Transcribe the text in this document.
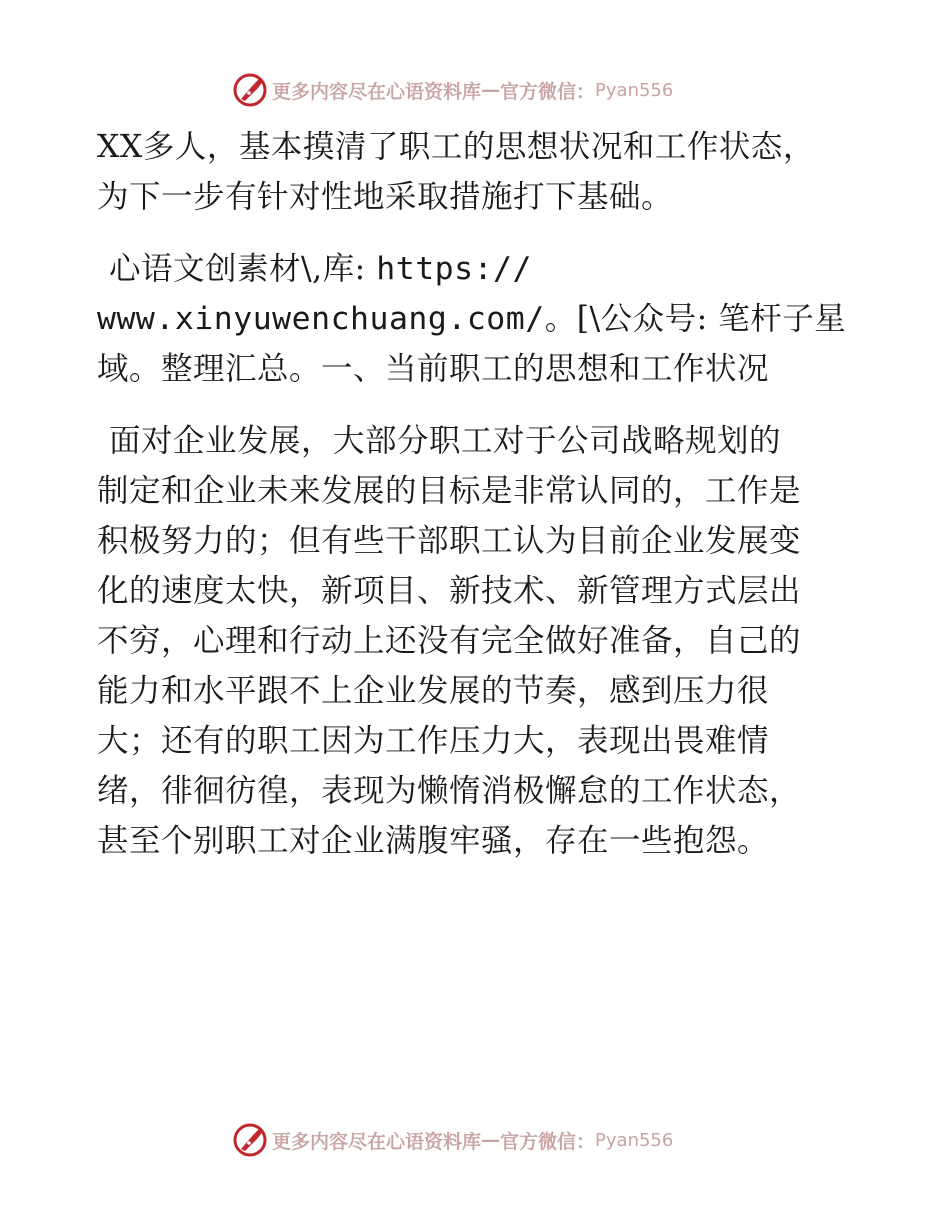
更多内容尽在心语资料库 — 官方微信： Pyan556
XX多人，基本摸清了职工的思想状况和工作状态，
为下一步有针对性地采取措施打下基础。
心语文创素材\,库: https://
www.xinyuwenchuang.com/。[\公众号: 笔杆子星
域。整理汇总。一、当前职工的思想和工作状况
面对企业发展，大部分职工对于公司战略规划的
制定和企业未来发展的目标是非常认同的，工作是
积极努力的；但有些干部职工认为目前企业发展变
化的速度太快，新项目、新技术、新管理方式层出
不穷，心理和行动上还没有完全做好准备，自己的
能力和水平跟不上企业发展的节奏，感到压力很
大；还有的职工因为工作压力大，表现出畏难情
绪，徘徊彷徨，表现为懒惰消极懈怠的工作状态，
甚至个别职工对企业满腹牢骚，存在一些抱怨。
更多内容尽在心语资料库 — 官方微信： Pyan556
